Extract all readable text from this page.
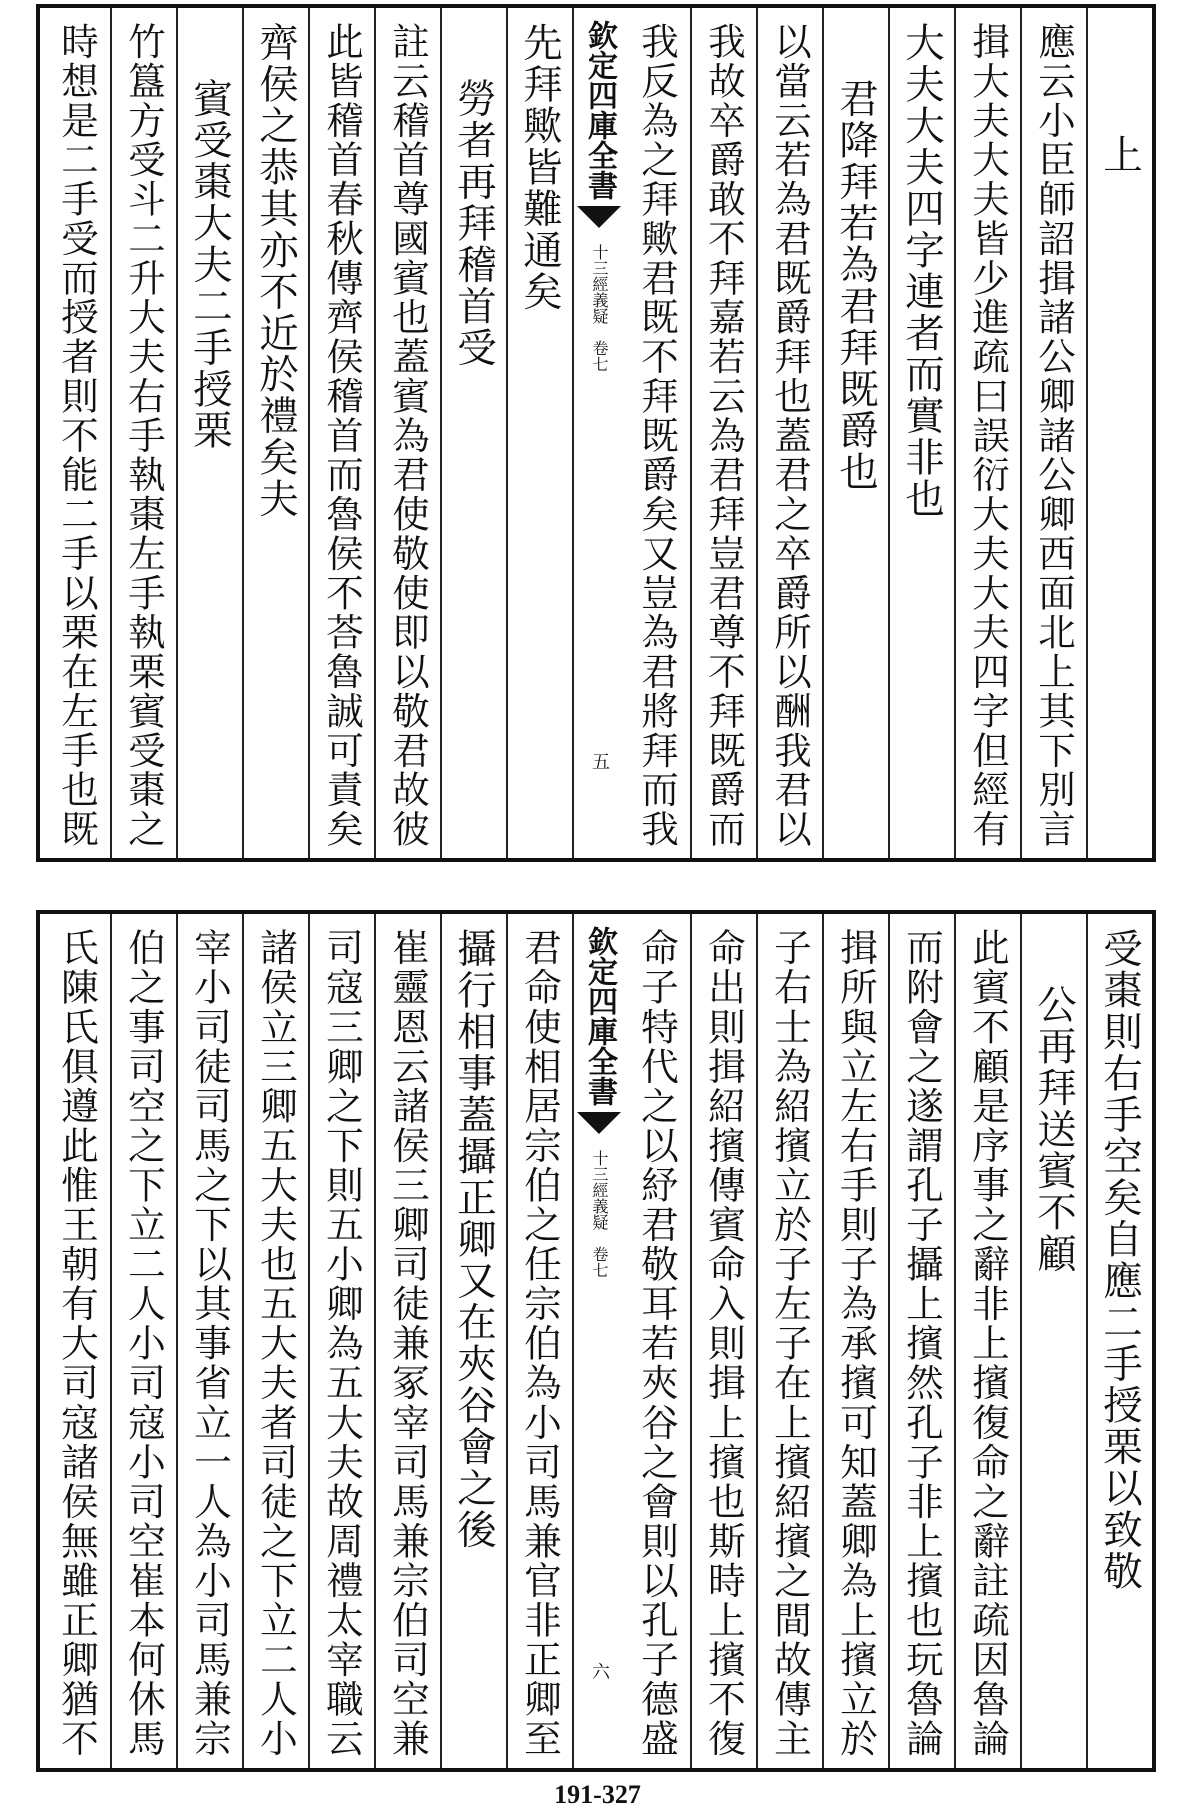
上
應云小臣師詔揖諸公卿諸公卿西面北上其下別言
揖大夫大夫皆少進疏曰誤衍大夫大夫四字但經有
大夫大夫四字連者而實非也
君降拜若為君拜既爵也
以當云若為君既爵拜也蓋君之卒爵所以酬我君以
我故卒爵敢不拜嘉若云為君拜豈君尊不拜既爵而
我反為之拜歟君既不拜既爵矣又豈為君將拜而我
欽定四庫全書
十三經義疑　卷七
五
先拜歟皆難通矣
勞者再拜稽首受
註云稽首尊國賓也蓋賓為君使敬使即以敬君故彼
此皆稽首春秋傳齊侯稽首而魯侯不荅魯誠可責矣
齊侯之恭其亦不近於禮矣夫
賓受棗大夫二手授栗
竹簋方受斗二升大夫右手執棗左手執栗賓受棗之
時想是二手受而授者則不能二手以栗在左手也既
受棗則右手空矣自應二手授栗以致敬
公再拜送賓不顧
此賓不顧是序事之辭非上擯復命之辭註疏因魯論
而附會之遂謂孔子攝上擯然孔子非上擯也玩魯論
揖所與立左右手則子為承擯可知蓋卿為上擯立於
子右士為紹擯立於子左子在上擯紹擯之間故傳主
命出則揖紹擯傳賓命入則揖上擯也斯時上擯不復
命子特代之以紓君敬耳若夾谷之會則以孔子德盛
欽定四庫全書
十三經義疑　卷七
六
君命使相居宗伯之任宗伯為小司馬兼官非正卿至
攝行相事蓋攝正卿又在夾谷會之後
崔靈恩云諸侯三卿司徒兼冢宰司馬兼宗伯司空兼
司寇三卿之下則五小卿為五大夫故周禮太宰職云
諸侯立三卿五大夫也五大夫者司徒之下立二人小
宰小司徒司馬之下以其事省立一人為小司馬兼宗
伯之事司空之下立二人小司寇小司空崔本何休馬
氏陳氏俱遵此惟王朝有大司寇諸侯無雖正卿猶不
191-327
